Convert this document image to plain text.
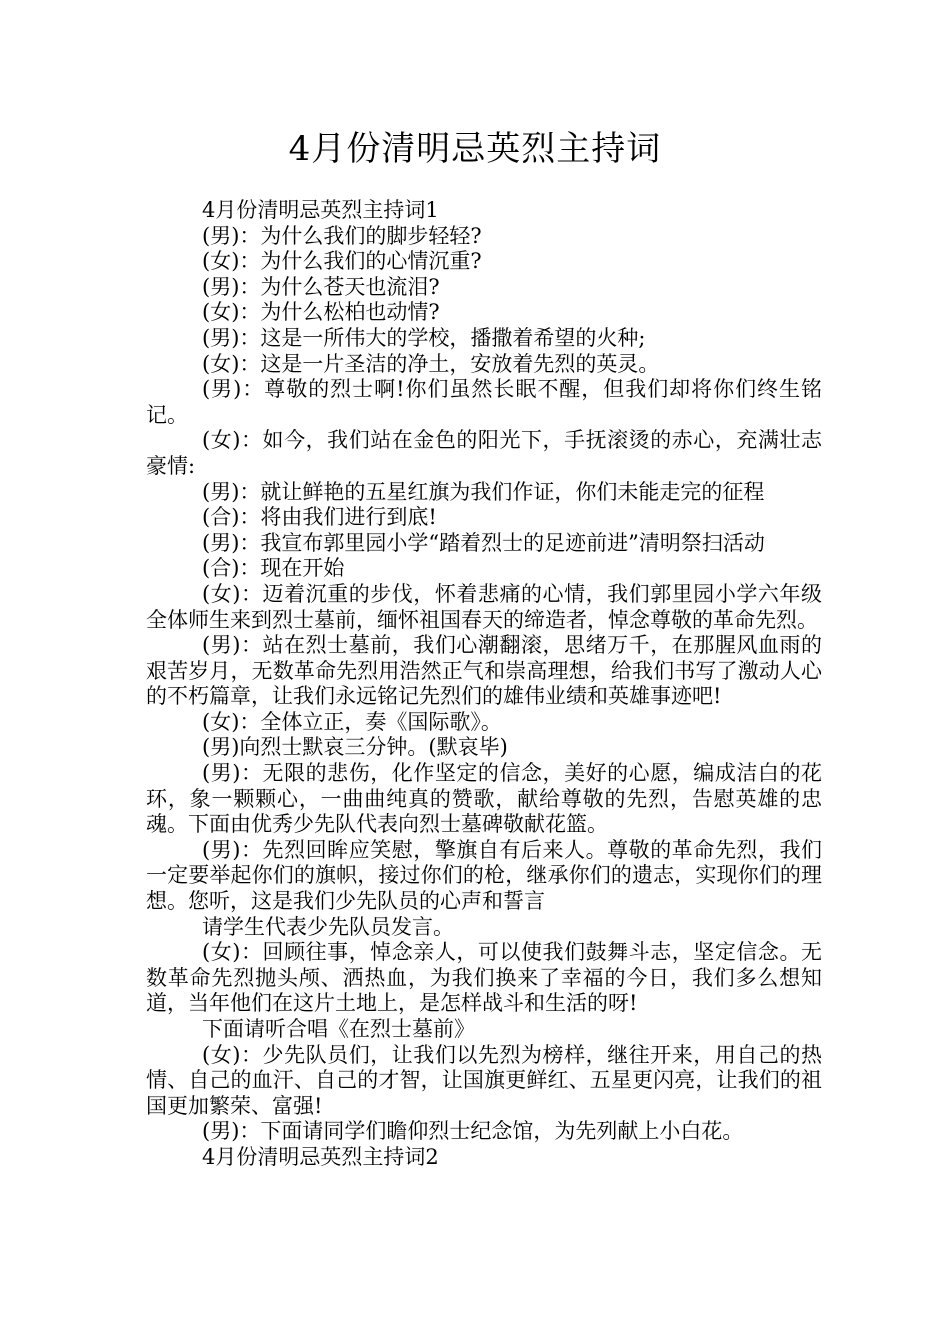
4月份清明忌英烈主持词

4月份清明忌英烈主持词1

(男)：为什么我们的脚步轻轻?

(女)：为什么我们的心情沉重?

(男)：为什么苍天也流泪?

(女)：为什么松柏也动情?

(男)：这是一所伟大的学校，播撒着希望的火种;

(女)：这是一片圣洁的净土，安放着先烈的英灵。

(男)：尊敬的烈士啊!你们虽然长眠不醒，但我们却将你们终生铭记。

(女)：如今，我们站在金色的阳光下，手抚滚烫的赤心，充满壮志豪情:

(男)：就让鲜艳的五星红旗为我们作证，你们未能走完的征程

(合)：将由我们进行到底!

(男)：我宣布郭里园小学“踏着烈士的足迹前进”清明祭扫活动

(合)：现在开始

(女)：迈着沉重的步伐，怀着悲痛的心情，我们郭里园小学六年级全体师生来到烈士墓前，缅怀祖国春天的缔造者，悼念尊敬的革命先烈。

(男)：站在烈士墓前，我们心潮翻滚，思绪万千，在那腥风血雨的艰苦岁月，无数革命先烈用浩然正气和崇高理想，给我们书写了激动人心的不朽篇章，让我们永远铭记先烈们的雄伟业绩和英雄事迹吧!

(女)：全体立正，奏《国际歌》。

(男)向烈士默哀三分钟。(默哀毕)

(男)：无限的悲伤，化作坚定的信念，美好的心愿，编成洁白的花环，象一颗颗心，一曲曲纯真的赞歌，献给尊敬的先烈，告慰英雄的忠魂。下面由优秀少先队代表向烈士墓碑敬献花篮。

(男)：先烈回眸应笑慰，擎旗自有后来人。尊敬的革命先烈，我们一定要举起你们的旗帜，接过你们的枪，继承你们的遗志，实现你们的理想。您听，这是我们少先队员的心声和誓言

请学生代表少先队员发言。

(女)：回顾往事，悼念亲人，可以使我们鼓舞斗志，坚定信念。无数革命先烈抛头颅、洒热血，为我们换来了幸福的今日，我们多么想知道，当年他们在这片土地上，是怎样战斗和生活的呀!

下面请听合唱《在烈士墓前》

(女)：少先队员们，让我们以先烈为榜样，继往开来，用自己的热情、自己的血汗、自己的才智，让国旗更鲜红、五星更闪亮，让我们的祖国更加繁荣、富强!

(男)：下面请同学们瞻仰烈士纪念馆，为先列献上小白花。

4月份清明忌英烈主持词2
